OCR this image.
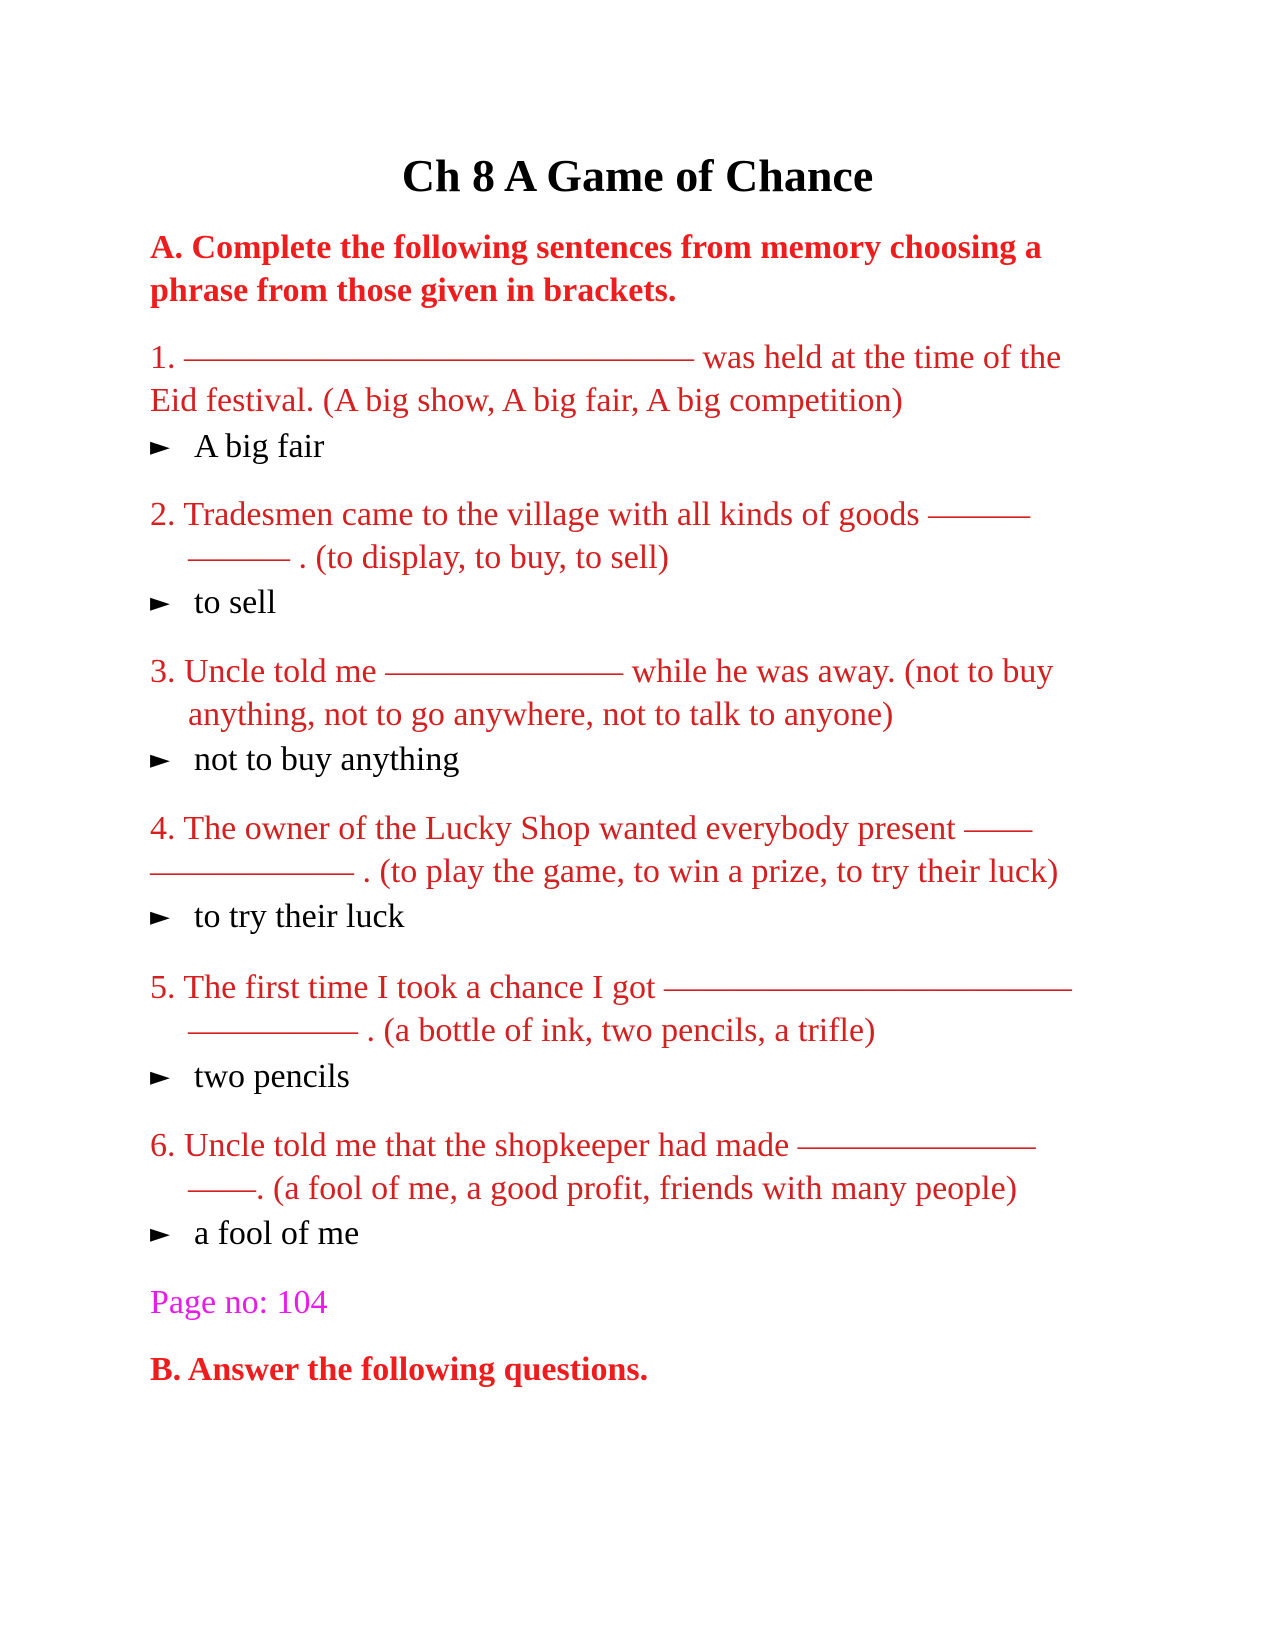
Ch 8 A Game of Chance

A. Complete the following sentences from memory choosing a phrase from those given in brackets.

1. ——————————————— was held at the time of the
Eid festival. (A big show, A big fair, A big competition)
► A big fair
2. Tradesmen came to the village with all kinds of goods ———
——— . (to display, to buy, to sell)
► to sell
3. Uncle told me ——————— while he was away. (not to buy
anything, not to go anywhere, not to talk to anyone)
► not to buy anything
4. The owner of the Lucky Shop wanted everybody present ——
—————— . (to play the game, to win a prize, to try their luck)
► to try their luck
5. The first time I took a chance I got ————————————
————— . (a bottle of ink, two pencils, a trifle)
► two pencils
6. Uncle told me that the shopkeeper had made ———————
——. (a fool of me, a good profit, friends with many people)
► a fool of me

Page no: 104

B. Answer the following questions.
